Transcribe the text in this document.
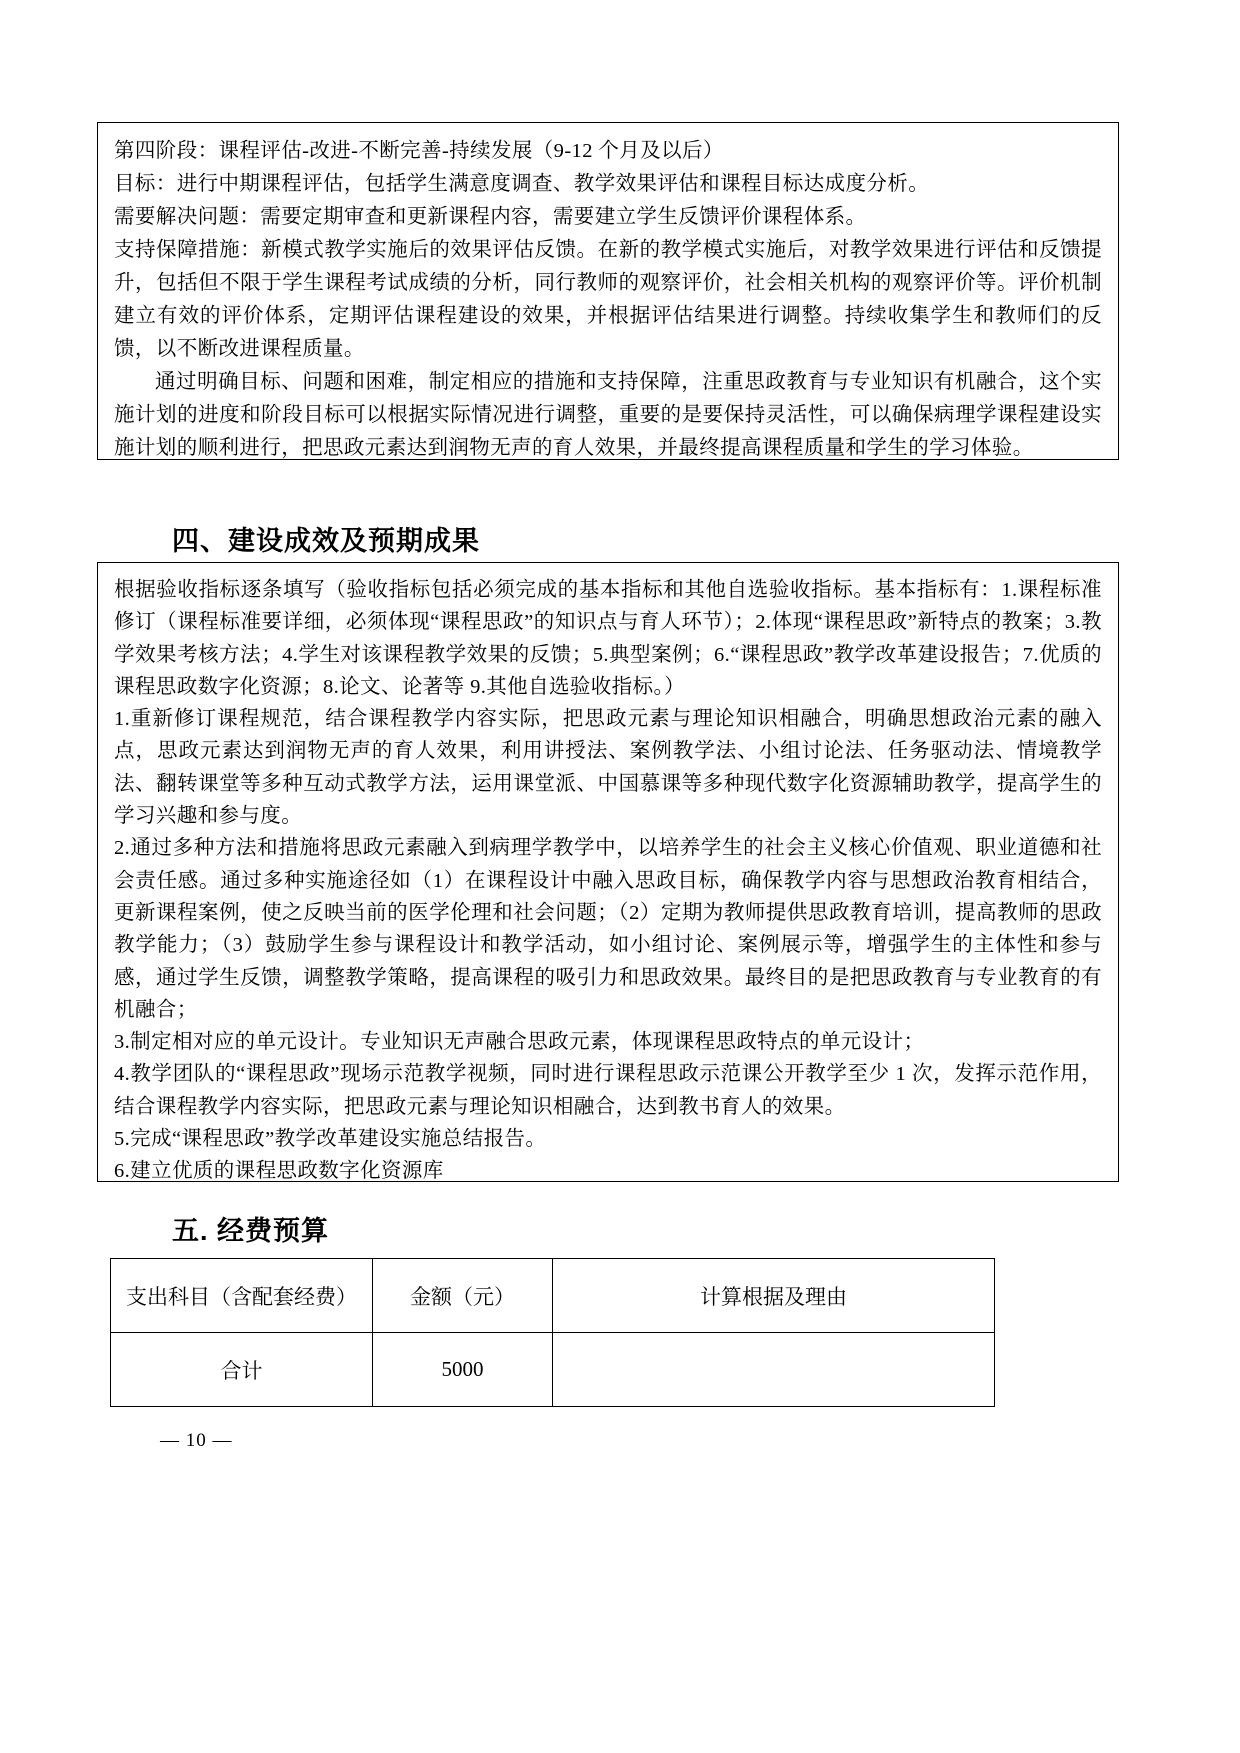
第四阶段：课程评估-改进-不断完善-持续发展（9-12 个月及以后）

目标：进行中期课程评估，包括学生满意度调查、教学效果评估和课程目标达成度分析。

需要解决问题：需要定期审查和更新课程内容，需要建立学生反馈评价课程体系。

支持保障措施：新模式教学实施后的效果评估反馈。在新的教学模式实施后，对教学效果进行评估和反馈提升，包括但不限于学生课程考试成绩的分析，同行教师的观察评价，社会相关机构的观察评价等。评价机制建立有效的评价体系，定期评估课程建设的效果，并根据评估结果进行调整。持续收集学生和教师们的反馈，以不断改进课程质量。

通过明确目标、问题和困难，制定相应的措施和支持保障，注重思政教育与专业知识有机融合，这个实施计划的进度和阶段目标可以根据实际情况进行调整，重要的是要保持灵活性，可以确保病理学课程建设实施计划的顺利进行，把思政元素达到润物无声的育人效果，并最终提高课程质量和学生的学习体验。

四、建设成效及预期成果

根据验收指标逐条填写（验收指标包括必须完成的基本指标和其他自选验收指标。基本指标有：1.课程标准修订（课程标准要详细，必须体现“课程思政”的知识点与育人环节）；2.体现“课程思政”新特点的教案；3.教学效果考核方法；4.学生对该课程教学效果的反馈；5.典型案例；6.“课程思政”教学改革建设报告；7.优质的课程思政数字化资源；8.论文、论著等 9.其他自选验收指标。）

1.重新修订课程规范，结合课程教学内容实际，把思政元素与理论知识相融合，明确思想政治元素的融入点，思政元素达到润物无声的育人效果，利用讲授法、案例教学法、小组讨论法、任务驱动法、情境教学法、翻转课堂等多种互动式教学方法，运用课堂派、中国慕课等多种现代数字化资源辅助教学，提高学生的学习兴趣和参与度。

2.通过多种方法和措施将思政元素融入到病理学教学中，以培养学生的社会主义核心价值观、职业道德和社会责任感。通过多种实施途径如（1）在课程设计中融入思政目标，确保教学内容与思想政治教育相结合，更新课程案例，使之反映当前的医学伦理和社会问题；（2）定期为教师提供思政教育培训，提高教师的思政教学能力；（3）鼓励学生参与课程设计和教学活动，如小组讨论、案例展示等，增强学生的主体性和参与感，通过学生反馈，调整教学策略，提高课程的吸引力和思政效果。最终目的是把思政教育与专业教育的有机融合；

3.制定相对应的单元设计。专业知识无声融合思政元素，体现课程思政特点的单元设计；

4.教学团队的“课程思政”现场示范教学视频，同时进行课程思政示范课公开教学至少 1 次，发挥示范作用，结合课程教学内容实际，把思政元素与理论知识相融合，达到教书育人的效果。

5.完成“课程思政”教学改革建设实施总结报告。

6.建立优质的课程思政数字化资源库

五. 经费预算
支出科目（含配套经费）	金额（元）	计算根据及理由
合计	5000	
— 10 —
